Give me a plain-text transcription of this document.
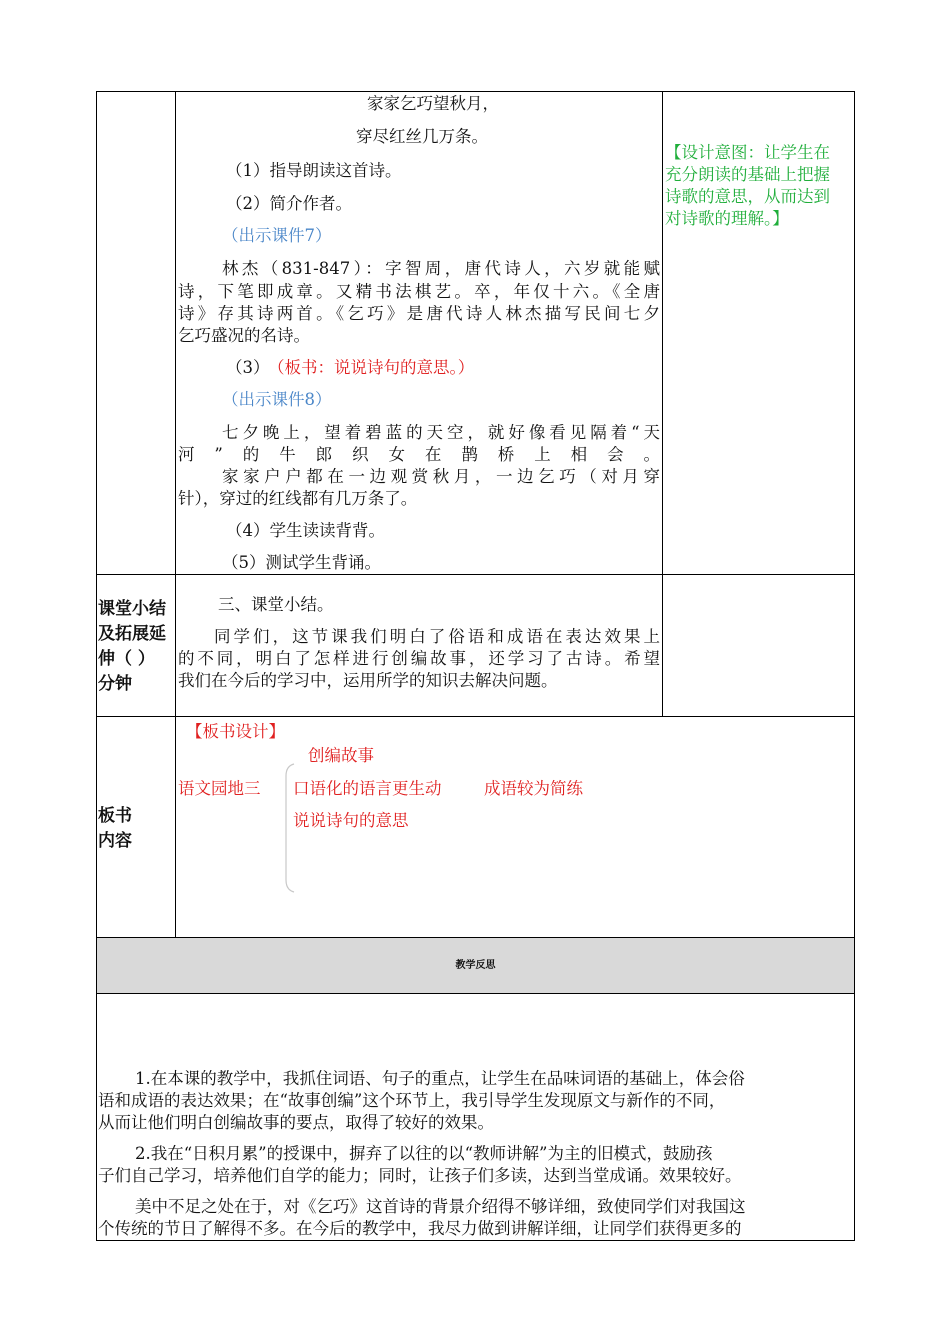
家家乞巧望秋月，
穿尽红丝几万条。
（1）指导朗读这首诗。
（2）简介作者。
（出示课件7）
林杰（831-847）：字智周，唐代诗人，六岁就能赋
诗，下笔即成章。又精书法棋艺。卒，年仅十六。《全唐
诗》存其诗两首。《乞巧》是唐代诗人林杰描写民间七夕
乞巧盛况的名诗。
（3）
（板书：说说诗句的意思。）
（出示课件8）
七夕晚上，望着碧蓝的天空，就好像看见隔着“天
河”的牛郎织女在鹊桥上相会。
家家户户都在一边观赏秋月，一边乞巧（对月穿
针），穿过的红线都有几万条了。
（4）学生读读背背。
（5）测试学生背诵。
【设计意图：让学生在
充分朗读的基础上把握
诗歌的意思，从而达到
对诗歌的理解。】
课堂小结
及拓展延
伸（ ）
分钟
三、课堂小结。
同学们，这节课我们明白了俗语和成语在表达效果上
的不同，明白了怎样进行创编故事，还学习了古诗。希望
我们在今后的学习中，运用所学的知识去解决问题。
板书
内容
【板书设计】
创编故事
语文园地三 口语化的语言更生动	成语较为简练
说说诗句的意思
教学反思
1.在本课的教学中，我抓住词语、句子的重点，让学生在品味词语的基础上，体会俗
语和成语的表达效果；在“故事创编”这个环节上，我引导学生发现原文与新作的不同，
从而让他们明白创编故事的要点，取得了较好的效果。
2.我在“日积月累”的授课中，摒弃了以往的以“教师讲解”为主的旧模式，鼓励孩
子们自己学习，培养他们自学的能力；同时，让孩子们多读，达到当堂成诵。效果较好。
美中不足之处在于，对《乞巧》这首诗的背景介绍得不够详细，致使同学们对我国这
个传统的节日了解得不多。在今后的教学中，我尽力做到讲解详细，让同学们获得更多的
